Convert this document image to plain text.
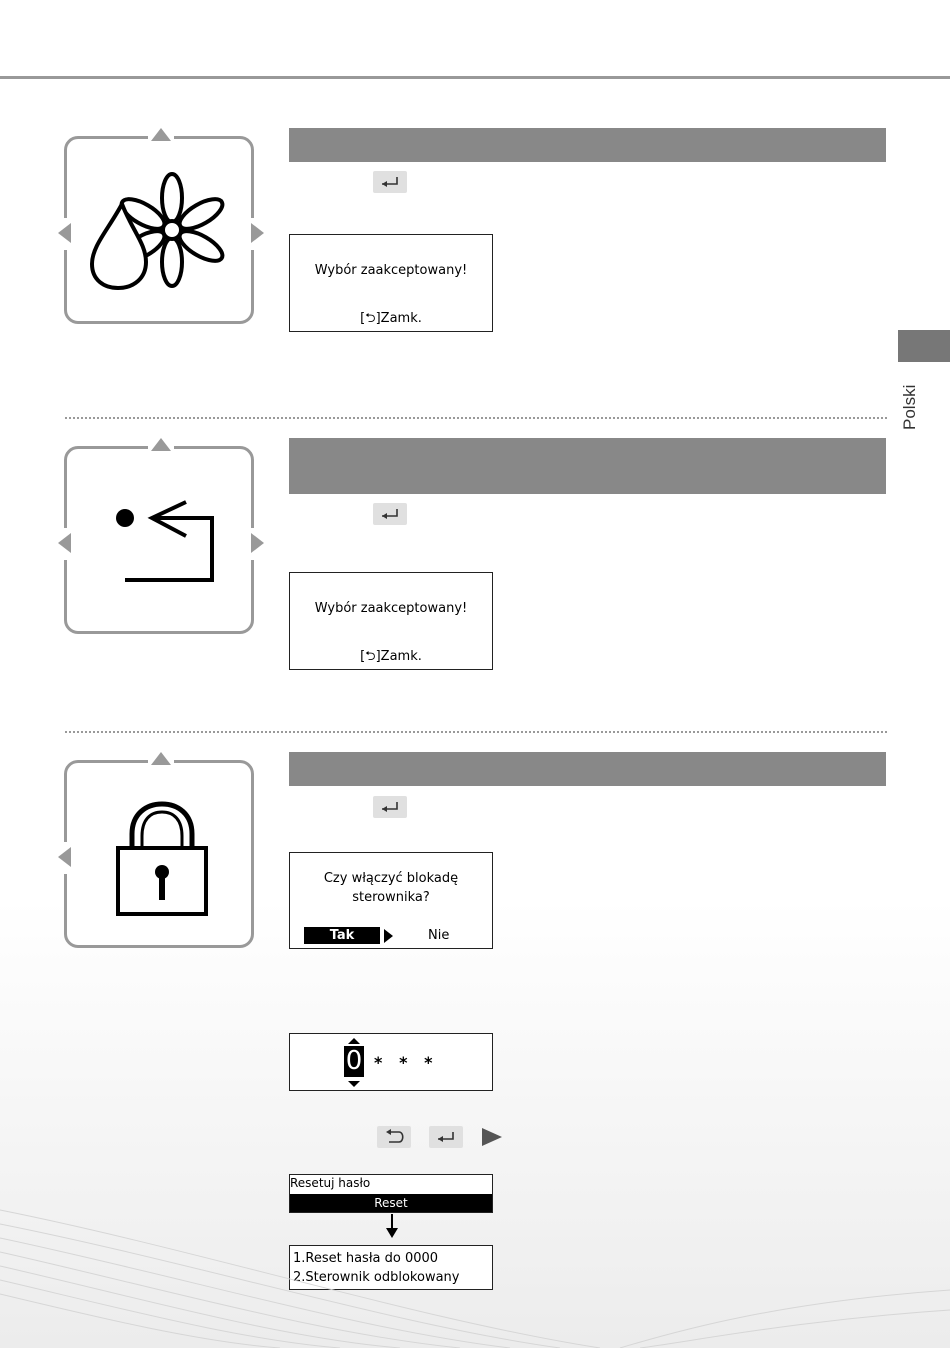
Polski
Wybór zaakceptowany!
[⮌]Zamk.
Wybór zaakceptowany!
[⮌]Zamk.
Czy włączyć blokadę
sterownika?
Tak	Nie
0 *   *   *
Resetuj hasło
Reset
1.Reset hasła do 0000
2.Sterownik odblokowany
